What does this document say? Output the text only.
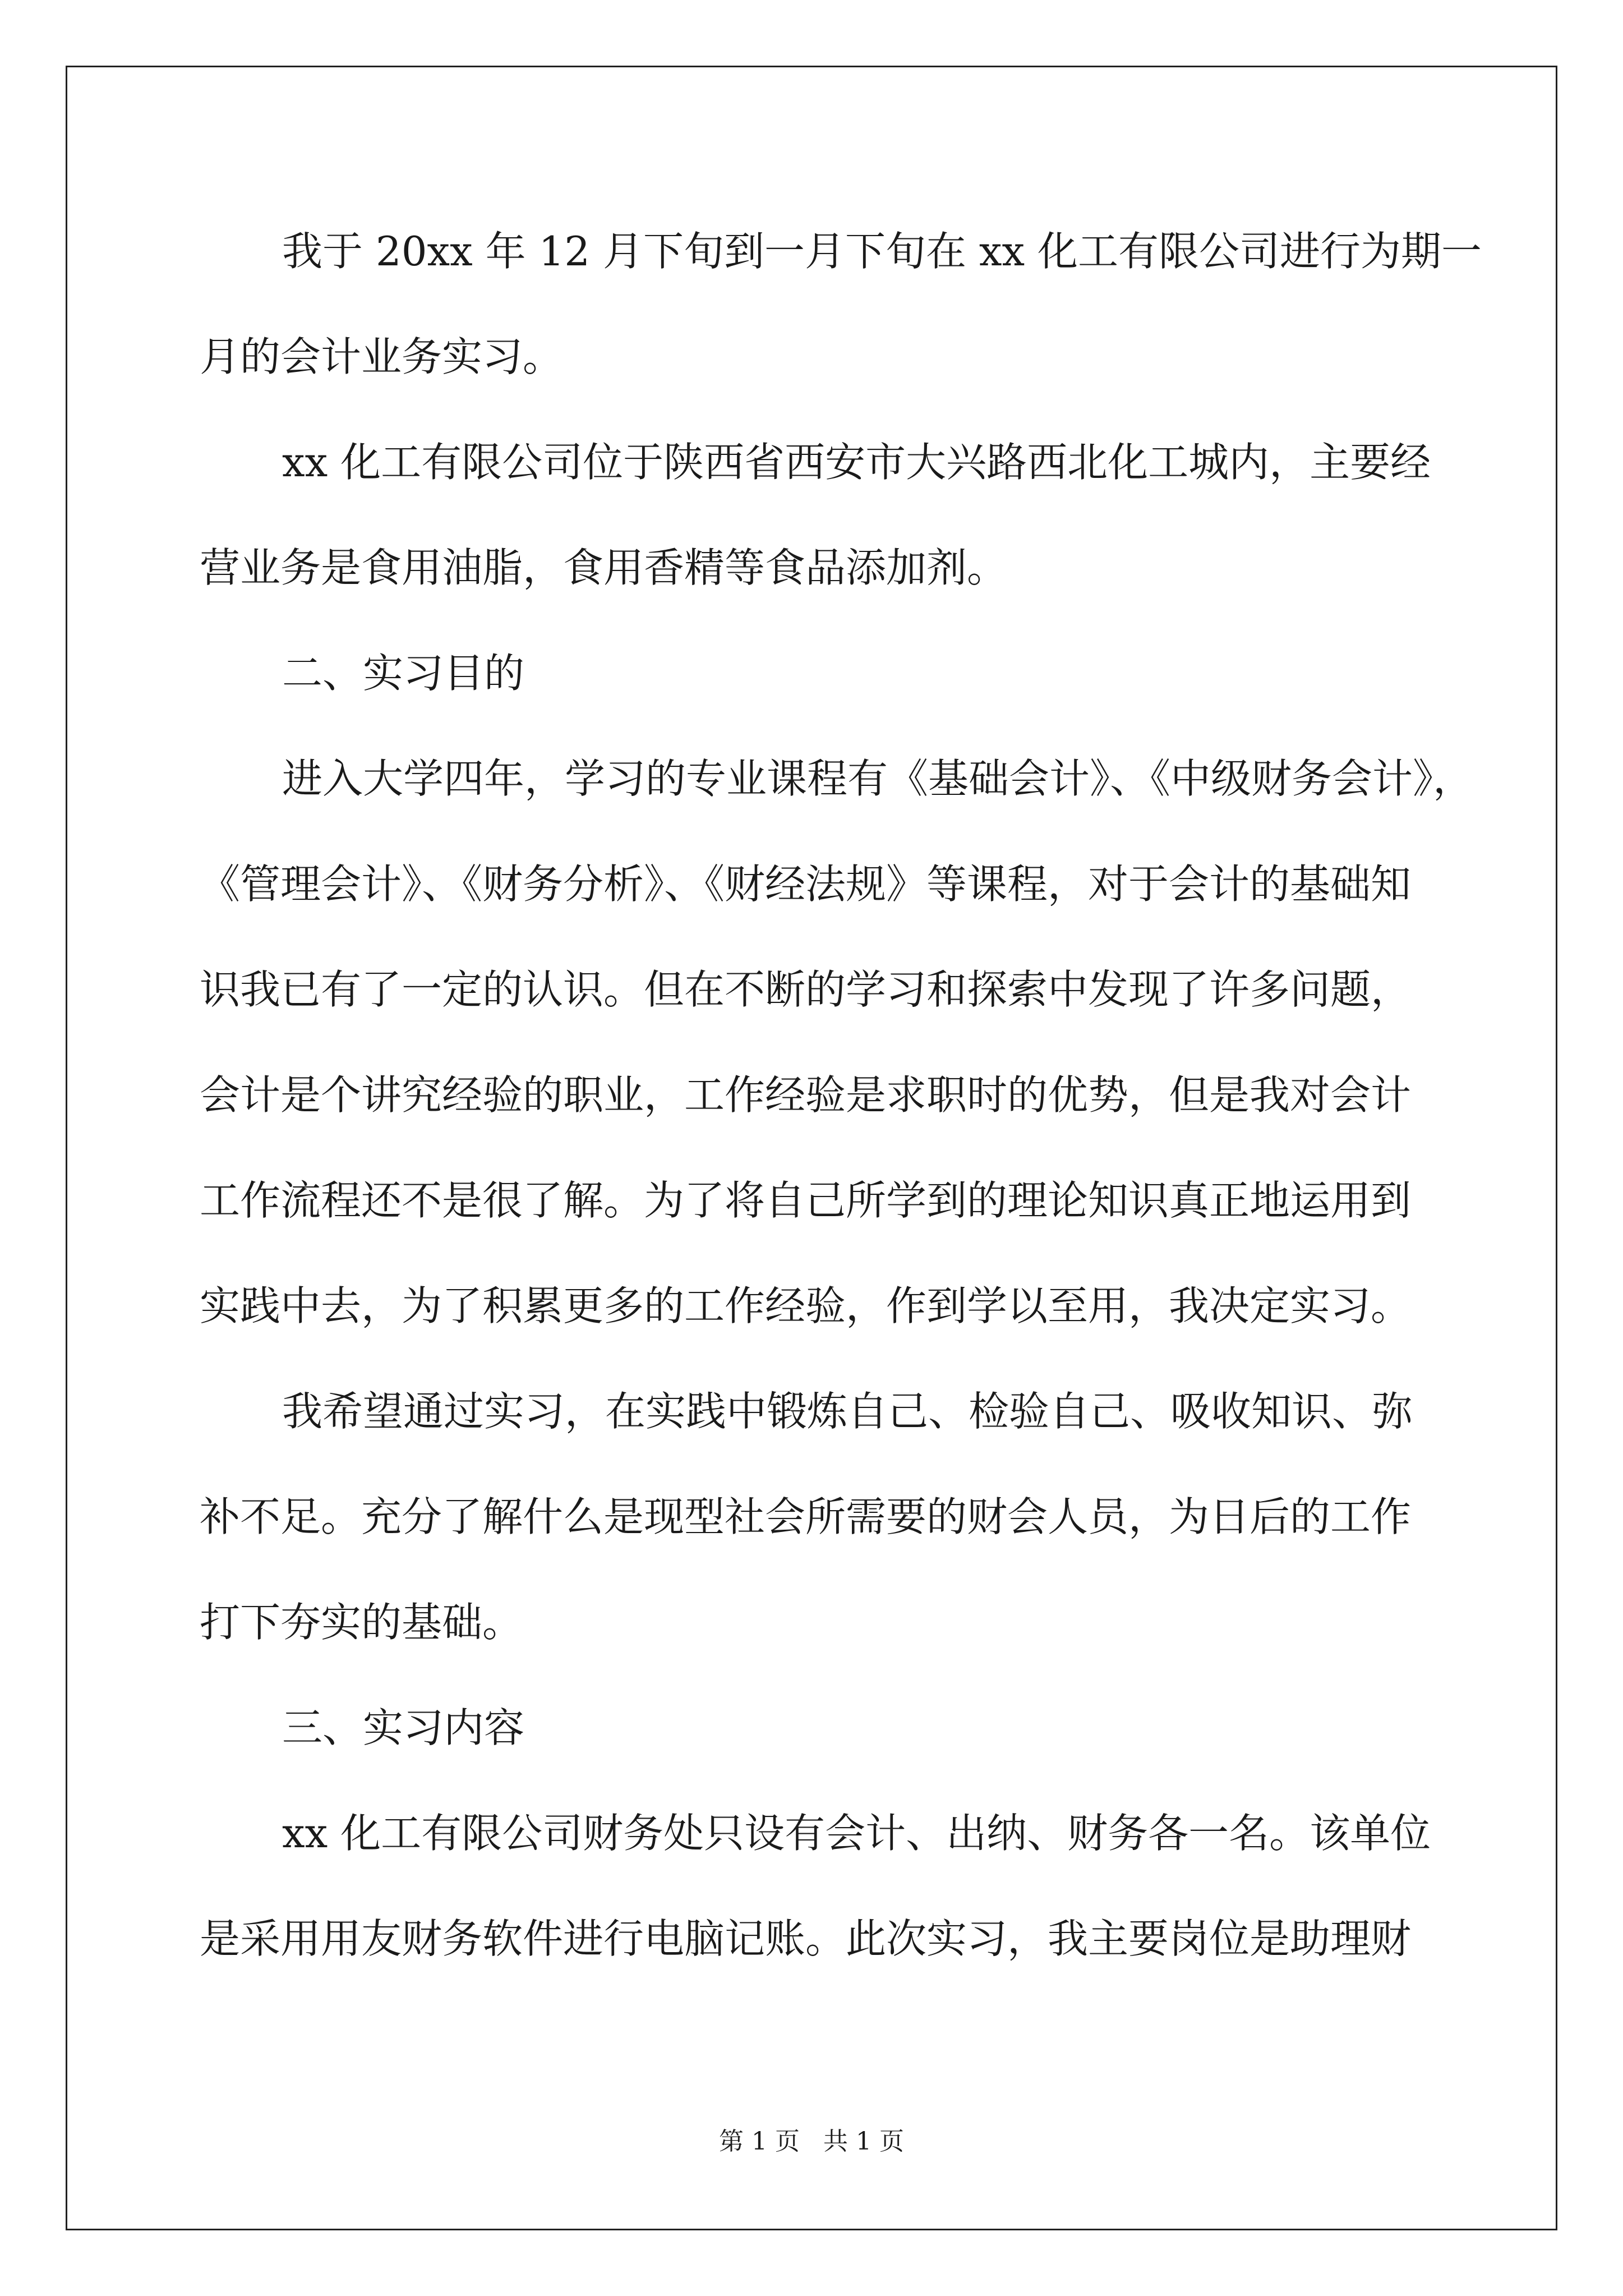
我于 20xx 年 12 月下旬到一月下旬在 xx 化工有限公司进行为期一
月的会计业务实习。
xx 化工有限公司位于陕西省西安市大兴路西北化工城内，主要经
营业务是食用油脂，食用香精等食品添加剂。
二、实习目的
进入大学四年，学习的专业课程有《基础会计》、《中级财务会计》，
《管理会计》、《财务分析》、《财经法规》等课程，对于会计的基础知
识我已有了一定的认识。但在不断的学习和探索中发现了许多问题，
会计是个讲究经验的职业，工作经验是求职时的优势，但是我对会计
工作流程还不是很了解。为了将自己所学到的理论知识真正地运用到
实践中去，为了积累更多的工作经验，作到学以至用，我决定实习。
我希望通过实习，在实践中锻炼自己、检验自己、吸收知识、弥
补不足。充分了解什么是现型社会所需要的财会人员，为日后的工作
打下夯实的基础。
三、实习内容
xx 化工有限公司财务处只设有会计、出纳、财务各一名。该单位
是采用用友财务软件进行电脑记账。此次实习，我主要岗位是助理财
第 1 页   共 1 页
